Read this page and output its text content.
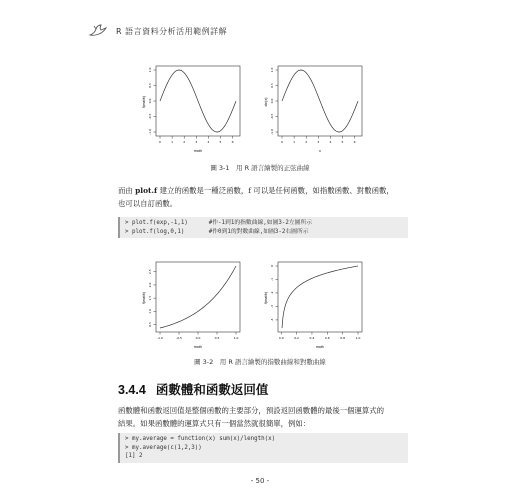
R 語言資料分析活用範例詳解
f(math)
math
0	1	2	3	4	5	6
-1.0
-0.5
0.0
0.5
1.0
sin(x)
x
0	1	2	3	4	5	6
-1.0
-0.5
0.0
0.5
1.0
圖 3-1　用 R 語言繪製的正弦曲線
而由 plot.f 建立的函數是一種泛函數，f 可以是任何函數，如指數函數、對數函數，
也可以自訂函數。
> plot.f(exp,-1,1)      #作-1到1的指數曲線,如圖3-2左圖所示
> plot.f(log,0,1)       #作0到1的對數曲線,如圖3-2右圖所示
f(math)
math
-1.0	-0.5	0.0	0.5	1.0
0.5
1.0
1.5
2.0
2.5
f(math)
math
0.0	0.2	0.4	0.6	0.8	1.0
-4
-3
-2
-1
0
圖 3-2　用 R 語言繪製的指數曲線和對數曲線
3.4.4 函數體和函數返回值
函數體和函數返回值是整個函數的主要部分，預設返回函數體的最後一個運算式的
結果。如果函數體的運算式只有一個當然就很簡單，例如：
> my.average = function(x) sum(x)/length(x)
> my.average(c(1,2,3))
[1] 2
- 50 -
